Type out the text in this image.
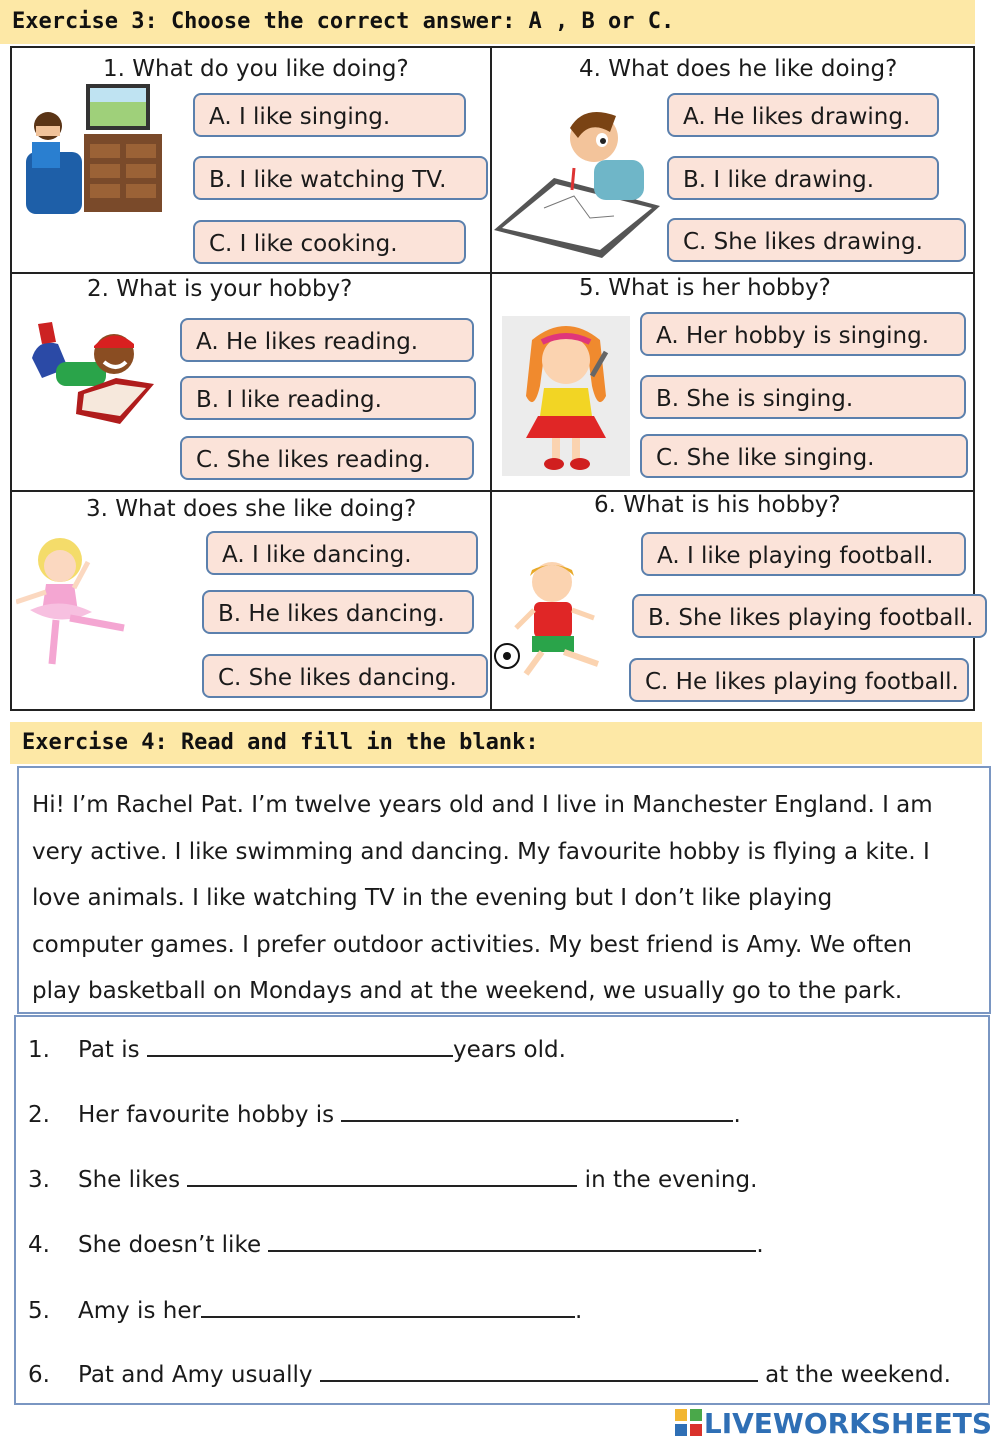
Exercise 3: Choose the correct answer: A , B or C.
1. What do you like doing?
A. I like singing.
B. I like watching TV.
C. I like cooking.
4. What does he like doing?
A. He likes drawing.
B. I like drawing.
C. She likes drawing.
2. What is your hobby?
A. He likes reading.
B. I like reading.
C. She likes reading.
5. What is her hobby?
A. Her hobby is singing.
B. She is singing.
C. She like singing.
3. What does she like doing?
A. I like dancing.
B. He likes dancing.
C. She likes dancing.
6. What is his hobby?
A. I like playing football.
B. She likes playing football.
C. He likes playing football.
Exercise 4: Read and fill in the blank:
Hi! I’m Rachel Pat. I’m twelve years old and I live in Manchester England. I am
very active. I like swimming and dancing. My favourite hobby is flying a kite. I
love animals. I like watching TV in the evening but I don’t like playing
computer games. I prefer outdoor activities. My best friend is Amy. We often
play basketball on Mondays and at the weekend, we usually go to the park.
1. Pat is	years old.
2. Her favourite hobby is	.
3. She likes	in the evening.
4. She doesn’t like	.
5. Amy is her	.
6. Pat and Amy usually	at the weekend.
LIVEWORKSHEETS
